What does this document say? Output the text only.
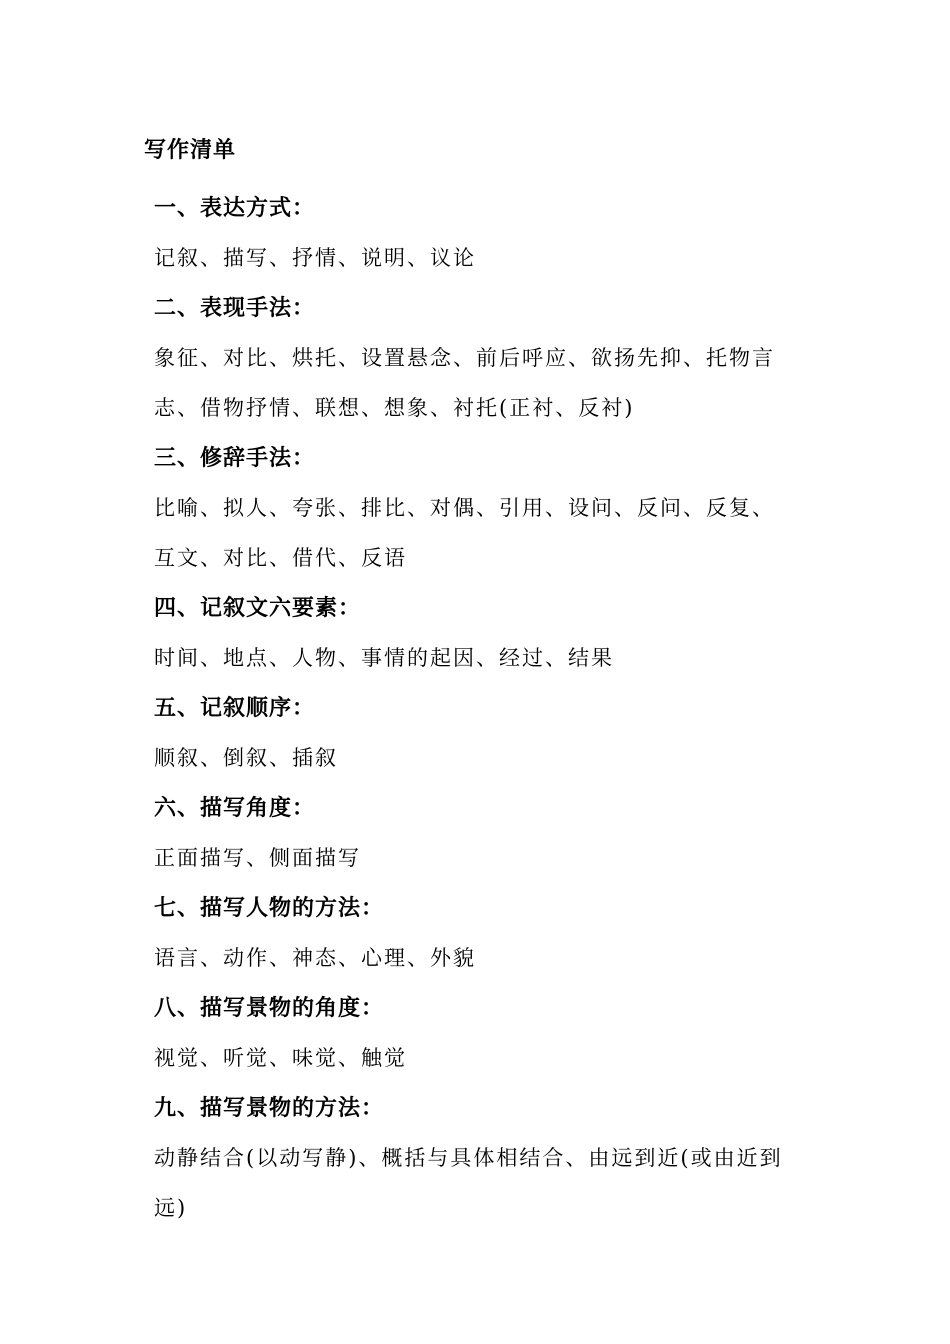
写作清单
一、表达方式：

记叙、描写、抒情、说明、议论

二、表现手法：

象征、对比、烘托、设置悬念、前后呼应、欲扬先抑、托物言志、借物抒情、联想、想象、衬托(正衬、反衬)

三、修辞手法：

比喻、拟人、夸张、排比、对偶、引用、设问、反问、反复、互文、对比、借代、反语

四、记叙文六要素：

时间、地点、人物、事情的起因、经过、结果

五、记叙顺序：

顺叙、倒叙、插叙

六、描写角度：

正面描写、侧面描写

七、描写人物的方法：

语言、动作、神态、心理、外貌

八、描写景物的角度：

视觉、听觉、味觉、触觉

九、描写景物的方法：

动静结合(以动写静)、概括与具体相结合、由远到近(或由近到远)
